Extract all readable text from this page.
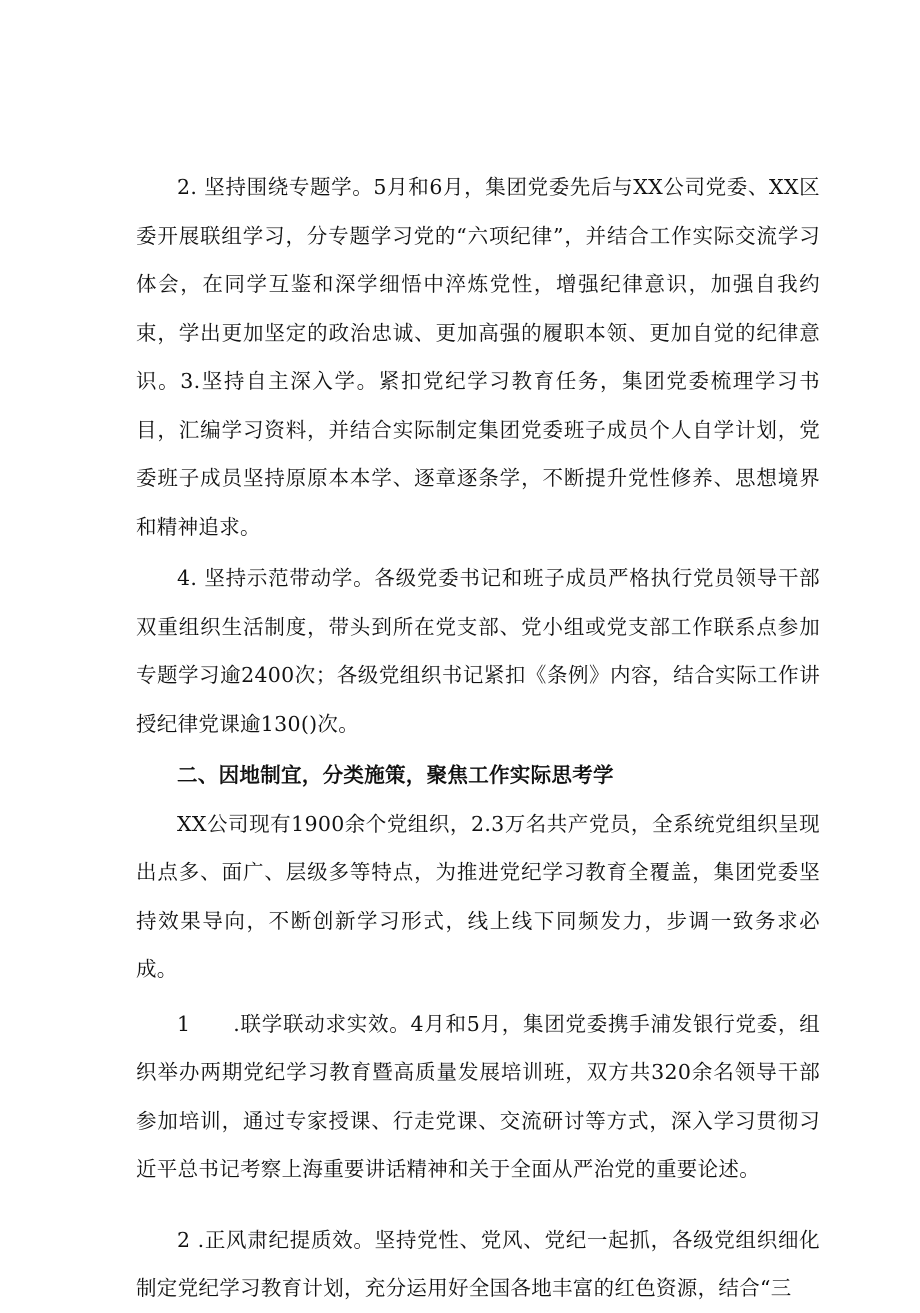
2. 坚持围绕专题学。5月和6月，集团党委先后与XX公司党委、XX区委开展联组学习，分专题学习党的“六项纪律”，并结合工作实际交流学习体会，在同学互鉴和深学细悟中淬炼党性，增强纪律意识，加强自我约束，学出更加坚定的政治忠诚、更加高强的履职本领、更加自觉的纪律意识。3.坚持自主深入学。紧扣党纪学习教育任务，集团党委梳理学习书目，汇编学习资料，并结合实际制定集团党委班子成员个人自学计划，党委班子成员坚持原原本本学、逐章逐条学，不断提升党性修养、思想境界和精神追求。

4. 坚持示范带动学。各级党委书记和班子成员严格执行党员领导干部双重组织生活制度，带头到所在党支部、党小组或党支部工作联系点参加专题学习逾2400次；各级党组织书记紧扣《条例》内容，结合实际工作讲授纪律党课逾130()次。

二、因地制宜，分类施策，聚焦工作实际思考学

XX公司现有1900余个党组织，2.3万名共产党员，全系统党组织呈现出点多、面广、层级多等特点，为推进党纪学习教育全覆盖，集团党委坚持效果导向，不断创新学习形式，线上线下同频发力，步调一致务求必成。

1　　.联学联动求实效。4月和5月，集团党委携手浦发银行党委，组织举办两期党纪学习教育暨高质量发展培训班，双方共320余名领导干部参加培训，通过专家授课、行走党课、交流研讨等方式，深入学习贯彻习近平总书记考察上海重要讲话精神和关于全面从严治党的重要论述。

2 .正风肃纪提质效。坚持党性、党风、党纪一起抓，各级党组织细化制定党纪学习教育计划，充分运用好全国各地丰富的红色资源，结合“三
